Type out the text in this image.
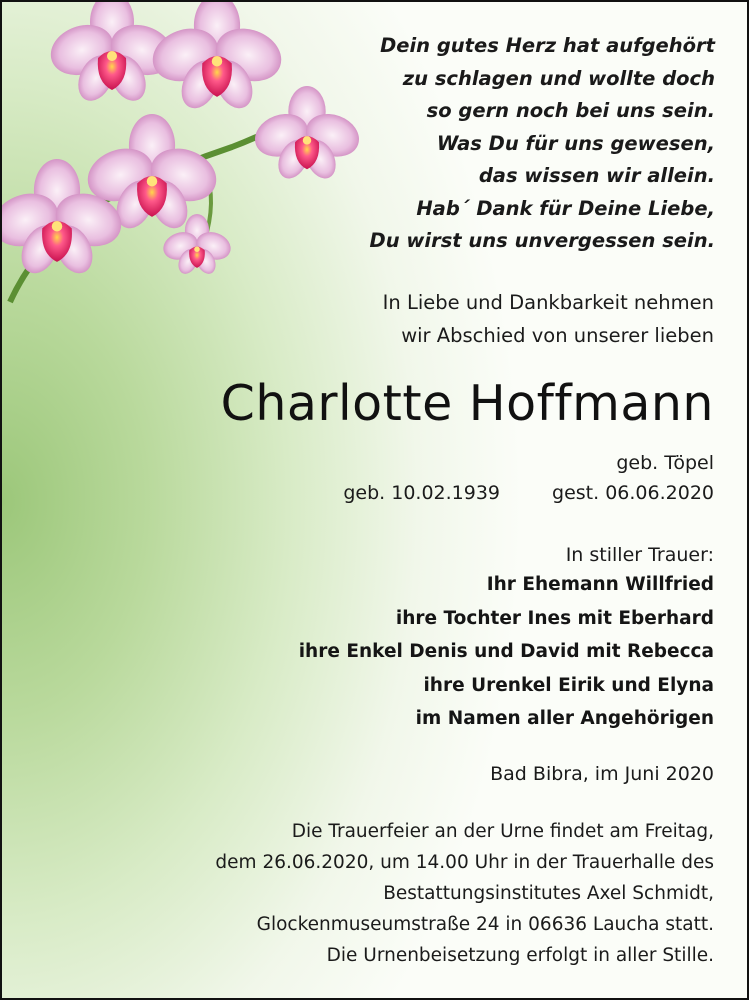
Dein gutes Herz hat aufgehört
zu schlagen und wollte doch
so gern noch bei uns sein.
Was Du für uns gewesen,
das wissen wir allein.
Hab´ Dank für Deine Liebe,
Du wirst uns unvergessen sein.
In Liebe und Dankbarkeit nehmen
wir Abschied von unserer lieben
Charlotte Hoffmann
geb. Töpel
geb. 10.02.1939	gest. 06.06.2020
In stiller Trauer:
Ihr Ehemann Willfried
ihre Tochter Ines mit Eberhard
ihre Enkel Denis und David mit Rebecca
ihre Urenkel Eirik und Elyna
im Namen aller Angehörigen
Bad Bibra, im Juni 2020
Die Trauerfeier an der Urne findet am Freitag,
dem 26.06.2020, um 14.00 Uhr in der Trauerhalle des
Bestattungsinstitutes Axel Schmidt,
Glockenmuseumstraße 24 in 06636 Laucha statt.
Die Urnenbeisetzung erfolgt in aller Stille.
